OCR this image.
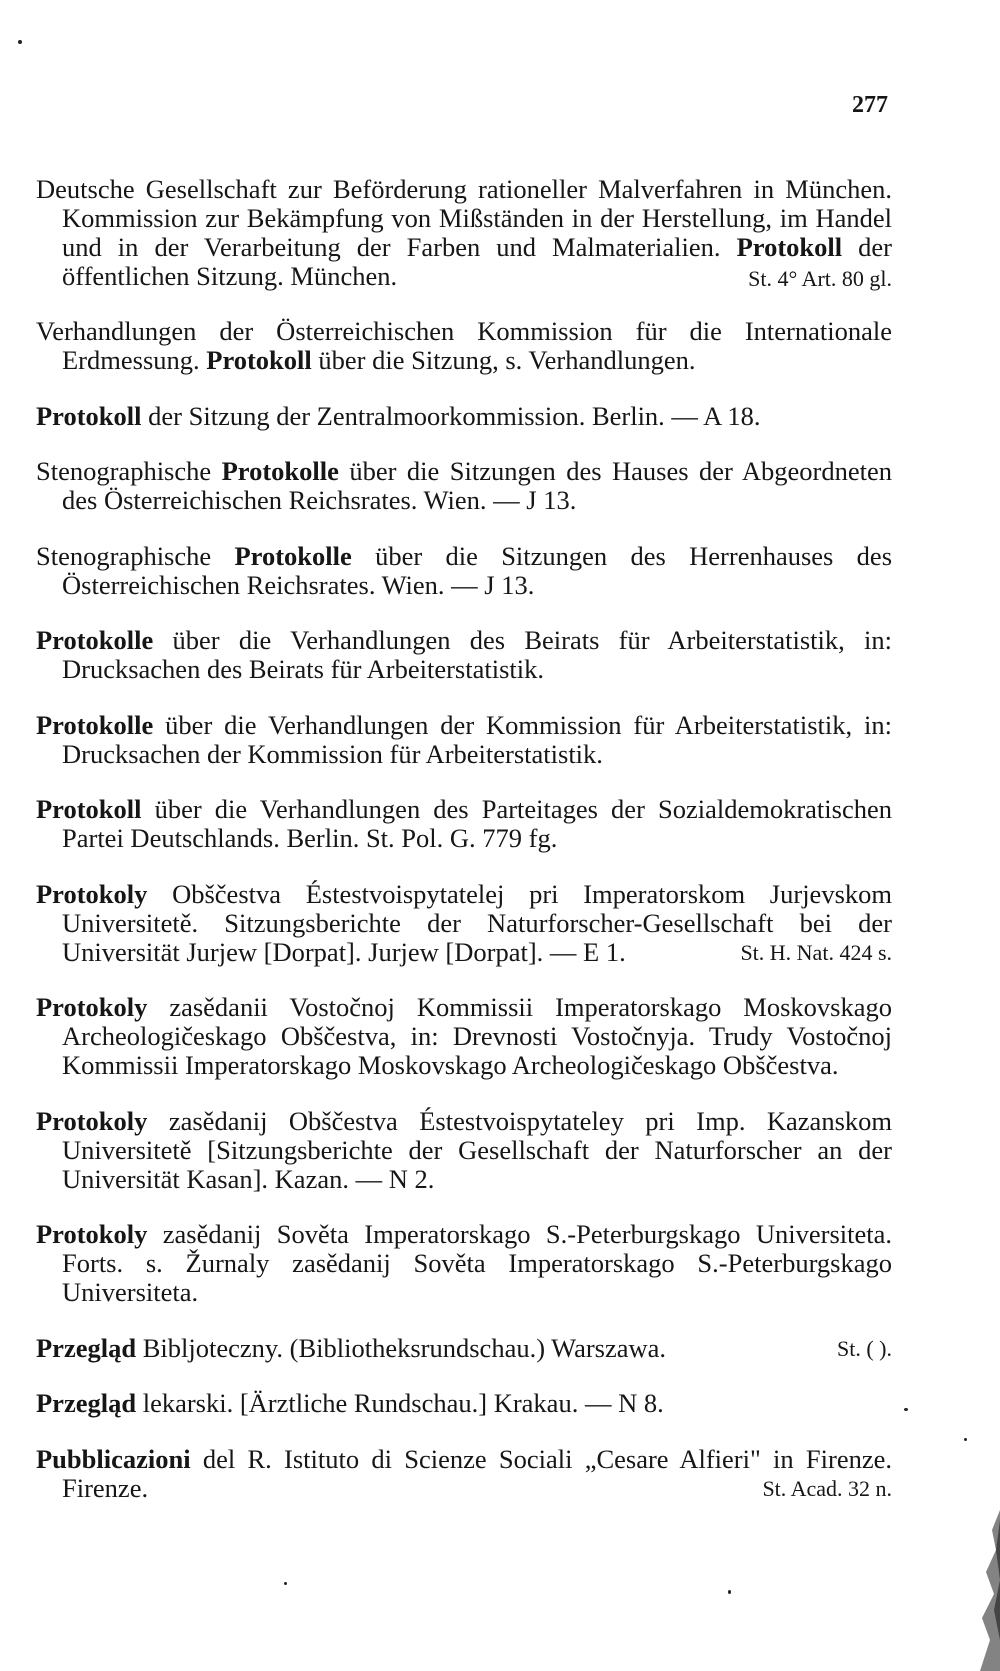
277

Deutsche Gesellschaft zur Beförderung rationeller Malverfahren in München. Kommission zur Bekämpfung von Mißständen in der Herstellung, im Handel und in der Verarbeitung der Farben und Malmaterialien. Protokoll der öffentlichen Sitzung. München.	St. 4° Art. 80 gl.

Verhandlungen der Österreichischen Kommission für die Internationale Erdmessung. Protokoll über die Sitzung, s. Verhandlungen.

Protokoll der Sitzung der Zentralmoorkommission. Berlin. — A 18.

Stenographische Protokolle über die Sitzungen des Hauses der Abgeordneten des Österreichischen Reichsrates. Wien. — J 13.

Stenographische Protokolle über die Sitzungen des Herrenhauses des Österreichischen Reichsrates. Wien. — J 13.

Protokolle über die Verhandlungen des Beirats für Arbeiterstatistik, in: Drucksachen des Beirats für Arbeiterstatistik.

Protokolle über die Verhandlungen der Kommission für Arbeiterstatistik, in: Drucksachen der Kommission für Arbeiterstatistik.

Protokoll über die Verhandlungen des Parteitages der Sozialdemokratischen Partei Deutschlands. Berlin. St. Pol. G. 779 fg.

Protokoly Obščestva Éstestvoispytatelej pri Imperatorskom Jurjevskom Universitetě. Sitzungsberichte der Naturforscher-Gesellschaft bei der Universität Jurjew [Dorpat]. Jurjew [Dorpat]. — E 1.	St. H. Nat. 424 s.

Protokoly zasědanii Vostočnoj Kommissii Imperatorskago Moskovskago Archeologičeskago Obščestva, in: Drevnosti Vostočnyja. Trudy Vostočnoj Kommissii Imperatorskago Moskovskago Archeologičeskago Obščestva.

Protokoly zasědanij Obščestva Éstestvoispytateley pri Imp. Kazanskom Universitetě [Sitzungsberichte der Gesellschaft der Naturforscher an der Universität Kasan]. Kazan. — N 2.

Protokoly zasědanij Sověta Imperatorskago S.-Peterburgskago Universiteta. Forts. s. Žurnaly zasědanij Sověta Imperatorskago S.-Peterburgskago Universiteta.

Przegląd Bibljoteczny. (Bibliotheksrundschau.) Warszawa.	St. ( ).

Przegląd lekarski. [Ärztliche Rundschau.] Krakau. — N 8.

Pubblicazioni del R. Istituto di Scienze Sociali „Cesare Alfieri" in Firenze. Firenze.	St. Acad. 32 n.
